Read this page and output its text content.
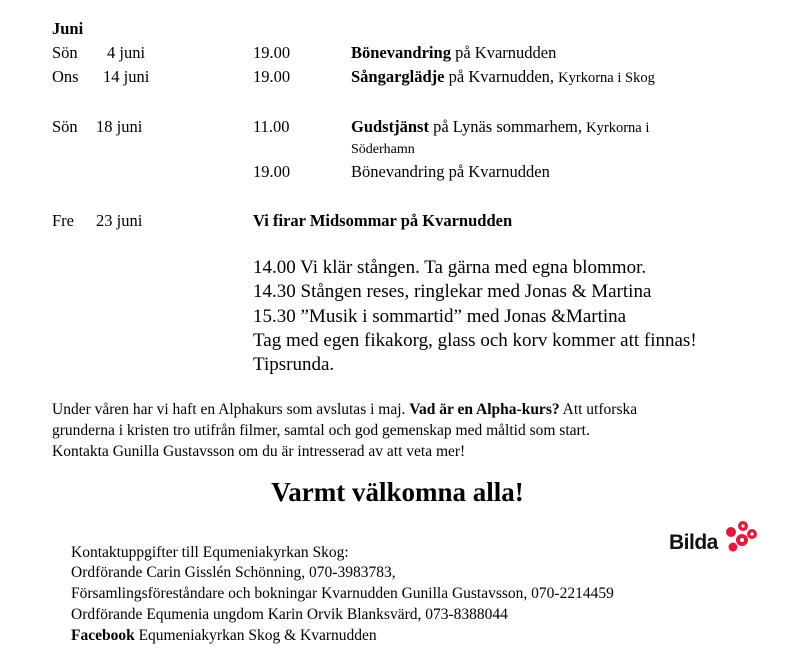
Juni
Sön 4 juni	19.00	Bönevandring på Kvarnudden
Ons 14 juni	19.00	Sångarglädje på Kvarnudden, Kyrkorna i Skog
Sön 18 juni	11.00	Gudstjänst på Lynäs sommarhem, Kyrkorna i
Söderhamn
19.00	Bönevandring på Kvarnudden
Fre 23 juni	Vi firar Midsommar på Kvarnudden
14.00 Vi klär stången. Ta gärna med egna blommor.
14.30 Stången reses, ringlekar med Jonas & Martina
15.30 ”Musik i sommartid” med Jonas &Martina
Tag med egen fikakorg, glass och korv kommer att finnas!
Tipsrunda.
Under våren har vi haft en Alphakurs som avslutas i maj. Vad är en Alpha-kurs? Att utforska
grunderna i kristen tro utifrån filmer, samtal och god gemenskap med måltid som start.
Kontakta Gunilla Gustavsson om du är intresserad av att veta mer!
Varmt välkomna alla!
Bilda
Kontaktuppgifter till Equmeniakyrkan Skog:
Ordförande Carin Gisslén Schönning, 070-3983783,
Församlingsföreståndare och bokningar Kvarnudden Gunilla Gustavsson, 070-2214459
Ordförande Equmenia ungdom Karin Orvik Blanksvärd, 073-8388044
Facebook Equmeniakyrkan Skog & Kvarnudden
